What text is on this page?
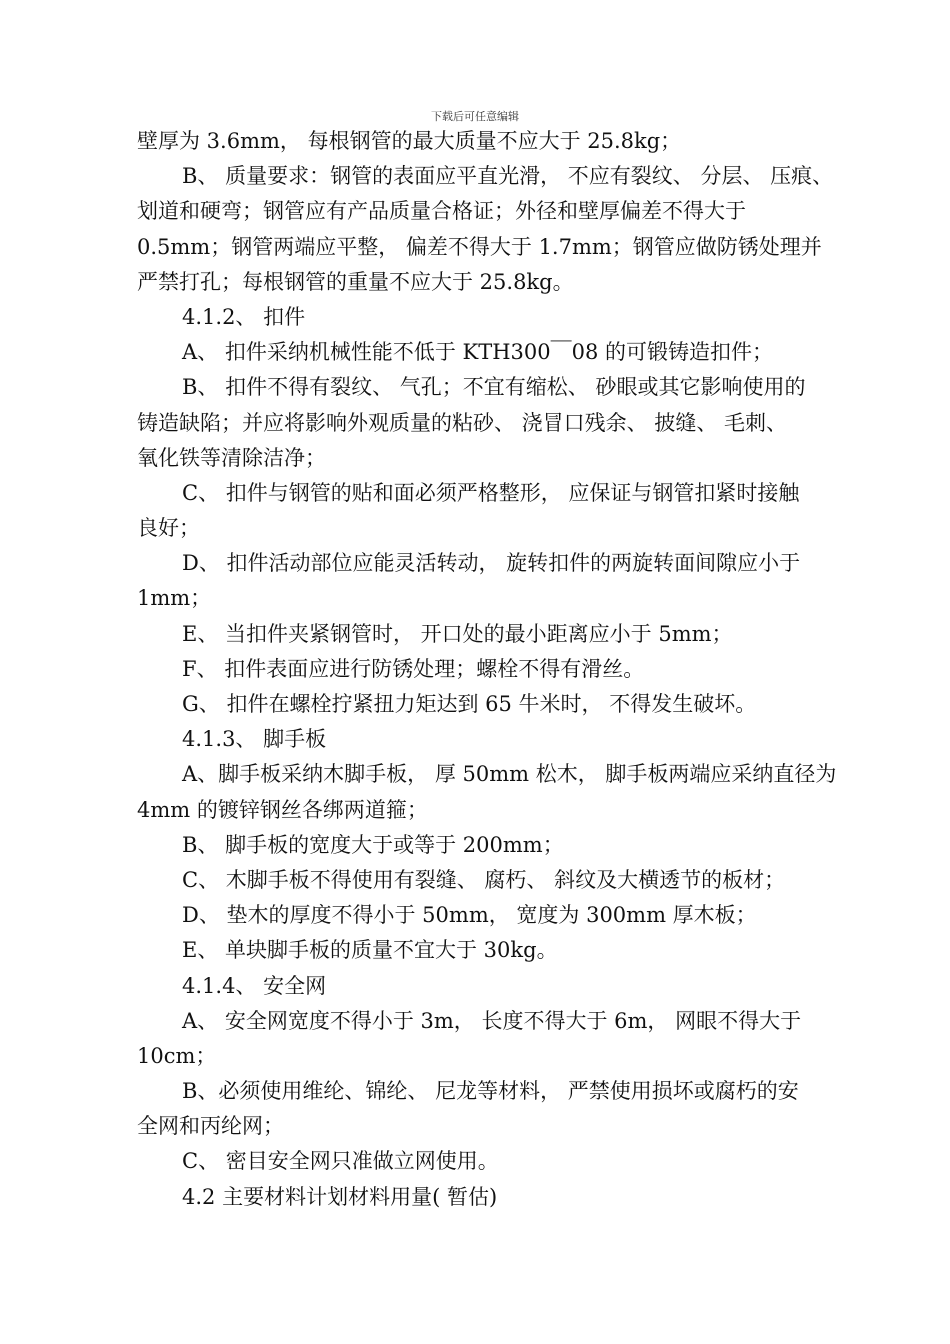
下载后可任意编辑
壁厚为 3.6mm， 每根钢管的最大质量不应大于 25.8kg；
B、 质量要求：钢管的表面应平直光滑， 不应有裂纹、 分层、 压痕、
划道和硬弯；钢管应有产品质量合格证；外径和壁厚偏差不得大于
0.5mm；钢管两端应平整， 偏差不得大于 1.7mm；钢管应做防锈处理并
严禁打孔；每根钢管的重量不应大于 25.8kg。
4.1.2、 扣件
A、 扣件采纳机械性能不低于 KTH300￣08 的可锻铸造扣件；
B、 扣件不得有裂纹、 气孔；不宜有缩松、 砂眼或其它影响使用的
铸造缺陷；并应将影响外观质量的粘砂、 浇冒口残余、 披缝、 毛刺、
氧化铁等清除洁净；
C、 扣件与钢管的贴和面必须严格整形， 应保证与钢管扣紧时接触
良好；
D、 扣件活动部位应能灵活转动， 旋转扣件的两旋转面间隙应小于
1mm；
E、 当扣件夹紧钢管时， 开口处的最小距离应小于 5mm；
F、 扣件表面应进行防锈处理；螺栓不得有滑丝。
G、 扣件在螺栓拧紧扭力矩达到 65 牛米时， 不得发生破坏。
4.1.3、 脚手板
A、脚手板采纳木脚手板， 厚 50mm 松木， 脚手板两端应采纳直径为
4mm 的镀锌钢丝各绑两道箍；
B、 脚手板的宽度大于或等于 200mm；
C、 木脚手板不得使用有裂缝、 腐朽、 斜纹及大横透节的板材；
D、 垫木的厚度不得小于 50mm， 宽度为 300mm 厚木板；
E、 单块脚手板的质量不宜大于 30kg。
4.1.4、 安全网
A、 安全网宽度不得小于 3m， 长度不得大于 6m， 网眼不得大于
10cm；
B、必须使用维纶、锦纶、 尼龙等材料， 严禁使用损坏或腐朽的安
全网和丙纶网；
C、 密目安全网只准做立网使用。
4.2 主要材料计划材料用量( 暂估)
